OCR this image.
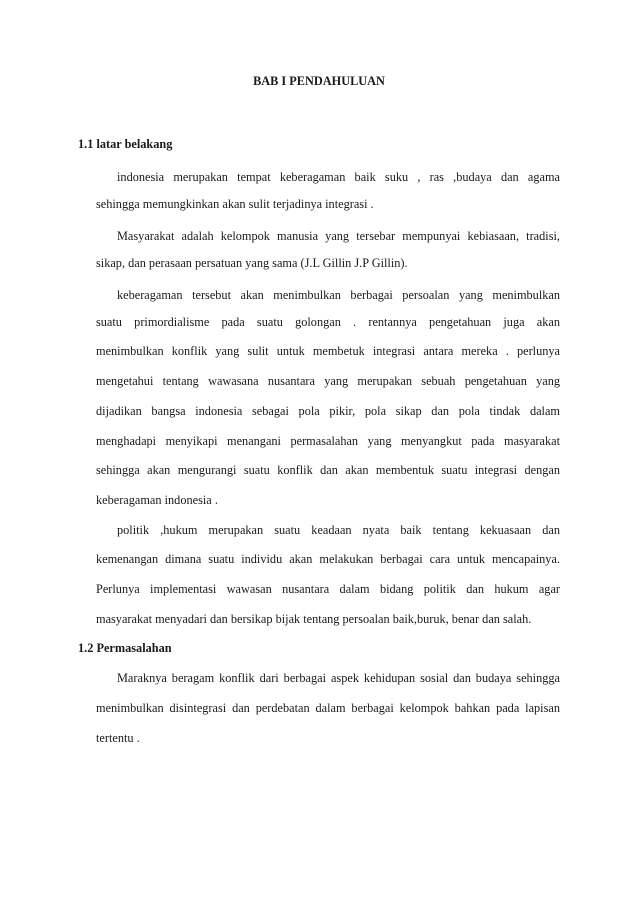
BAB I PENDAHULUAN
1.1 latar belakang
indonesia merupakan tempat keberagaman baik suku , ras ,budaya dan agama
sehingga memungkinkan akan sulit terjadinya integrasi .
Masyarakat adalah kelompok manusia yang tersebar mempunyai kebiasaan, tradisi,
sikap, dan perasaan persatuan yang sama (J.L Gillin J.P Gillin).
keberagaman tersebut akan menimbulkan berbagai persoalan yang menimbulkan
suatu primordialisme pada suatu golongan . rentannya pengetahuan juga akan
menimbulkan konflik yang sulit untuk membetuk integrasi antara mereka . perlunya
mengetahui tentang wawasana nusantara yang merupakan sebuah pengetahuan yang
dijadikan bangsa indonesia sebagai pola pikir, pola sikap dan pola tindak dalam
menghadapi menyikapi menangani permasalahan yang menyangkut pada masyarakat
sehingga akan mengurangi suatu konflik dan akan membentuk suatu integrasi dengan
keberagaman indonesia .
politik ,hukum merupakan suatu keadaan nyata baik tentang kekuasaan dan
kemenangan dimana suatu individu akan melakukan berbagai cara untuk mencapainya.
Perlunya implementasi wawasan nusantara dalam bidang politik dan hukum agar
masyarakat menyadari dan bersikap bijak tentang persoalan baik,buruk, benar dan salah.
1.2 Permasalahan
Maraknya beragam konflik dari berbagai aspek kehidupan sosial dan budaya sehingga
menimbulkan disintegrasi dan perdebatan dalam berbagai kelompok bahkan pada lapisan
tertentu .
